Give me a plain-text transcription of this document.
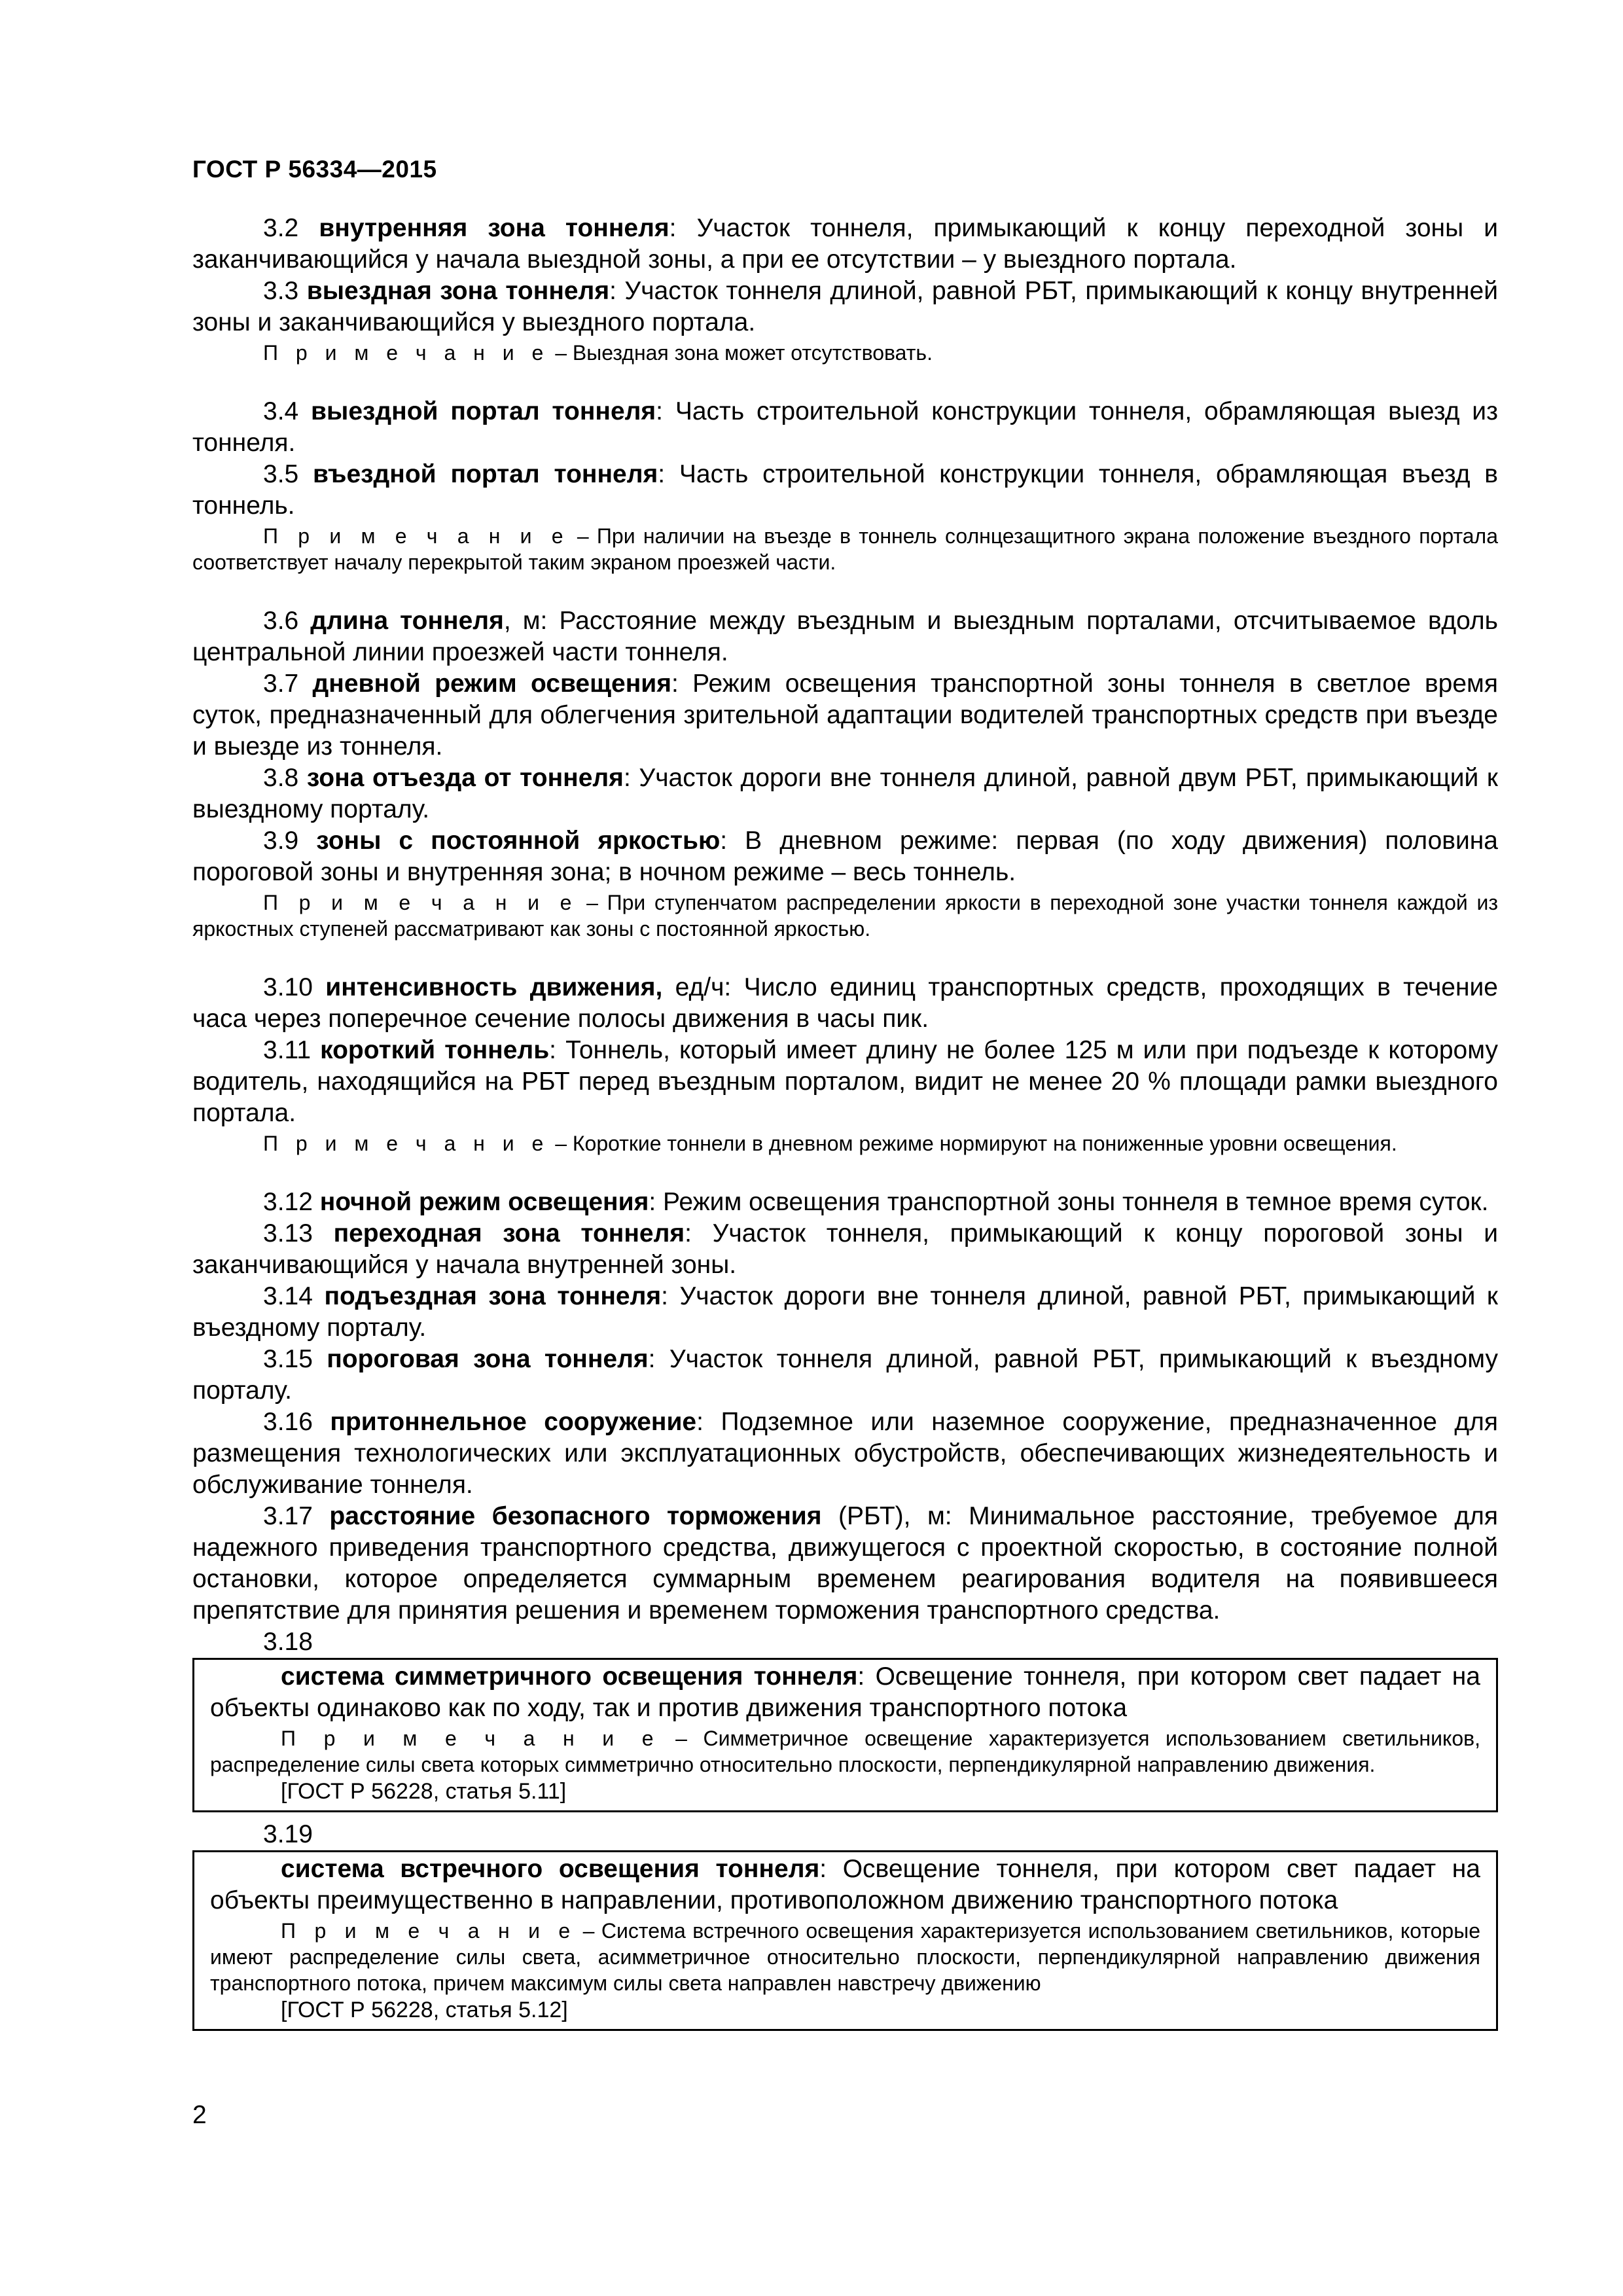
ГОСТ Р 56334—2015

3.2 внутренняя зона тоннеля: Участок тоннеля, примыкающий к концу переходной зоны и заканчивающийся у начала выездной зоны, а при ее отсутствии – у выездного портала.

3.3 выездная зона тоннеля: Участок тоннеля длиной, равной РБТ, примыкающий к концу внутренней зоны и заканчивающийся у выездного портала.

П р и м е ч а н и е – Выездная зона может отсутствовать.

3.4 выездной портал тоннеля: Часть строительной конструкции тоннеля, обрамляющая выезд из тоннеля.

3.5 въездной портал тоннеля: Часть строительной конструкции тоннеля, обрамляющая въезд в тоннель.

П р и м е ч а н и е – При наличии на въезде в тоннель солнцезащитного экрана положение въездного портала соответствует началу перекрытой таким экраном проезжей части.

3.6 длина тоннеля, м: Расстояние между въездным и выездным порталами, отсчитываемое вдоль центральной линии проезжей части тоннеля.

3.7 дневной режим освещения: Режим освещения транспортной зоны тоннеля в светлое время суток, предназначенный для облегчения зрительной адаптации водителей транспортных средств при въезде и выезде из тоннеля.

3.8 зона отъезда от тоннеля: Участок дороги вне тоннеля длиной, равной двум РБТ, примыкающий к выездному порталу.

3.9 зоны с постоянной яркостью: В дневном режиме: первая (по ходу движения) половина пороговой зоны и внутренняя зона; в ночном режиме – весь тоннель.

П р и м е ч а н и е – При ступенчатом распределении яркости в переходной зоне участки тоннеля каждой из яркостных ступеней рассматривают как зоны с постоянной яркостью.

3.10 интенсивность движения, ед/ч: Число единиц транспортных средств, проходящих в течение часа через поперечное сечение полосы движения в часы пик.

3.11 короткий тоннель: Тоннель, который имеет длину не более 125 м или при подъезде к которому водитель, находящийся на РБТ перед въездным порталом, видит не менее 20 % площади рамки выездного портала.

П р и м е ч а н и е – Короткие тоннели в дневном режиме нормируют на пониженные уровни освещения.

3.12 ночной режим освещения: Режим освещения транспортной зоны тоннеля в темное время суток.

3.13 переходная зона тоннеля: Участок тоннеля, примыкающий к концу пороговой зоны и заканчивающийся у начала внутренней зоны.

3.14 подъездная зона тоннеля: Участок дороги вне тоннеля длиной, равной РБТ, примыкающий к въездному порталу.

3.15 пороговая зона тоннеля: Участок тоннеля длиной, равной РБТ, примыкающий к въездному порталу.

3.16 притоннельное сооружение: Подземное или наземное сооружение, предназначенное для размещения технологических или эксплуатационных обустройств, обеспечивающих жизнедеятельность и обслуживание тоннеля.

3.17 расстояние безопасного торможения (РБТ), м: Минимальное расстояние, требуемое для надежного приведения транспортного средства, движущегося с проектной скоростью, в состояние полной остановки, которое определяется суммарным временем реагирования водителя на появившееся препятствие для принятия решения и временем торможения транспортного средства.

3.18

система симметричного освещения тоннеля: Освещение тоннеля, при котором свет падает на объекты одинаково как по ходу, так и против движения транспортного потока

П р и м е ч а н и е – Симметричное освещение характеризуется использованием светильников, распределение силы света которых симметрично относительно плоскости, перпендикулярной направлению движения.

[ГОСТ Р 56228, статья 5.11]

3.19

система встречного освещения тоннеля: Освещение тоннеля, при котором свет падает на объекты преимущественно в направлении, противоположном движению транспортного потока

П р и м е ч а н и е – Система встречного освещения характеризуется использованием светильников, которые имеют распределение силы света, асимметричное относительно плоскости, перпендикулярной направлению движения транспортного потока, причем максимум силы света направлен навстречу движению

[ГОСТ Р 56228, статья 5.12]

2
